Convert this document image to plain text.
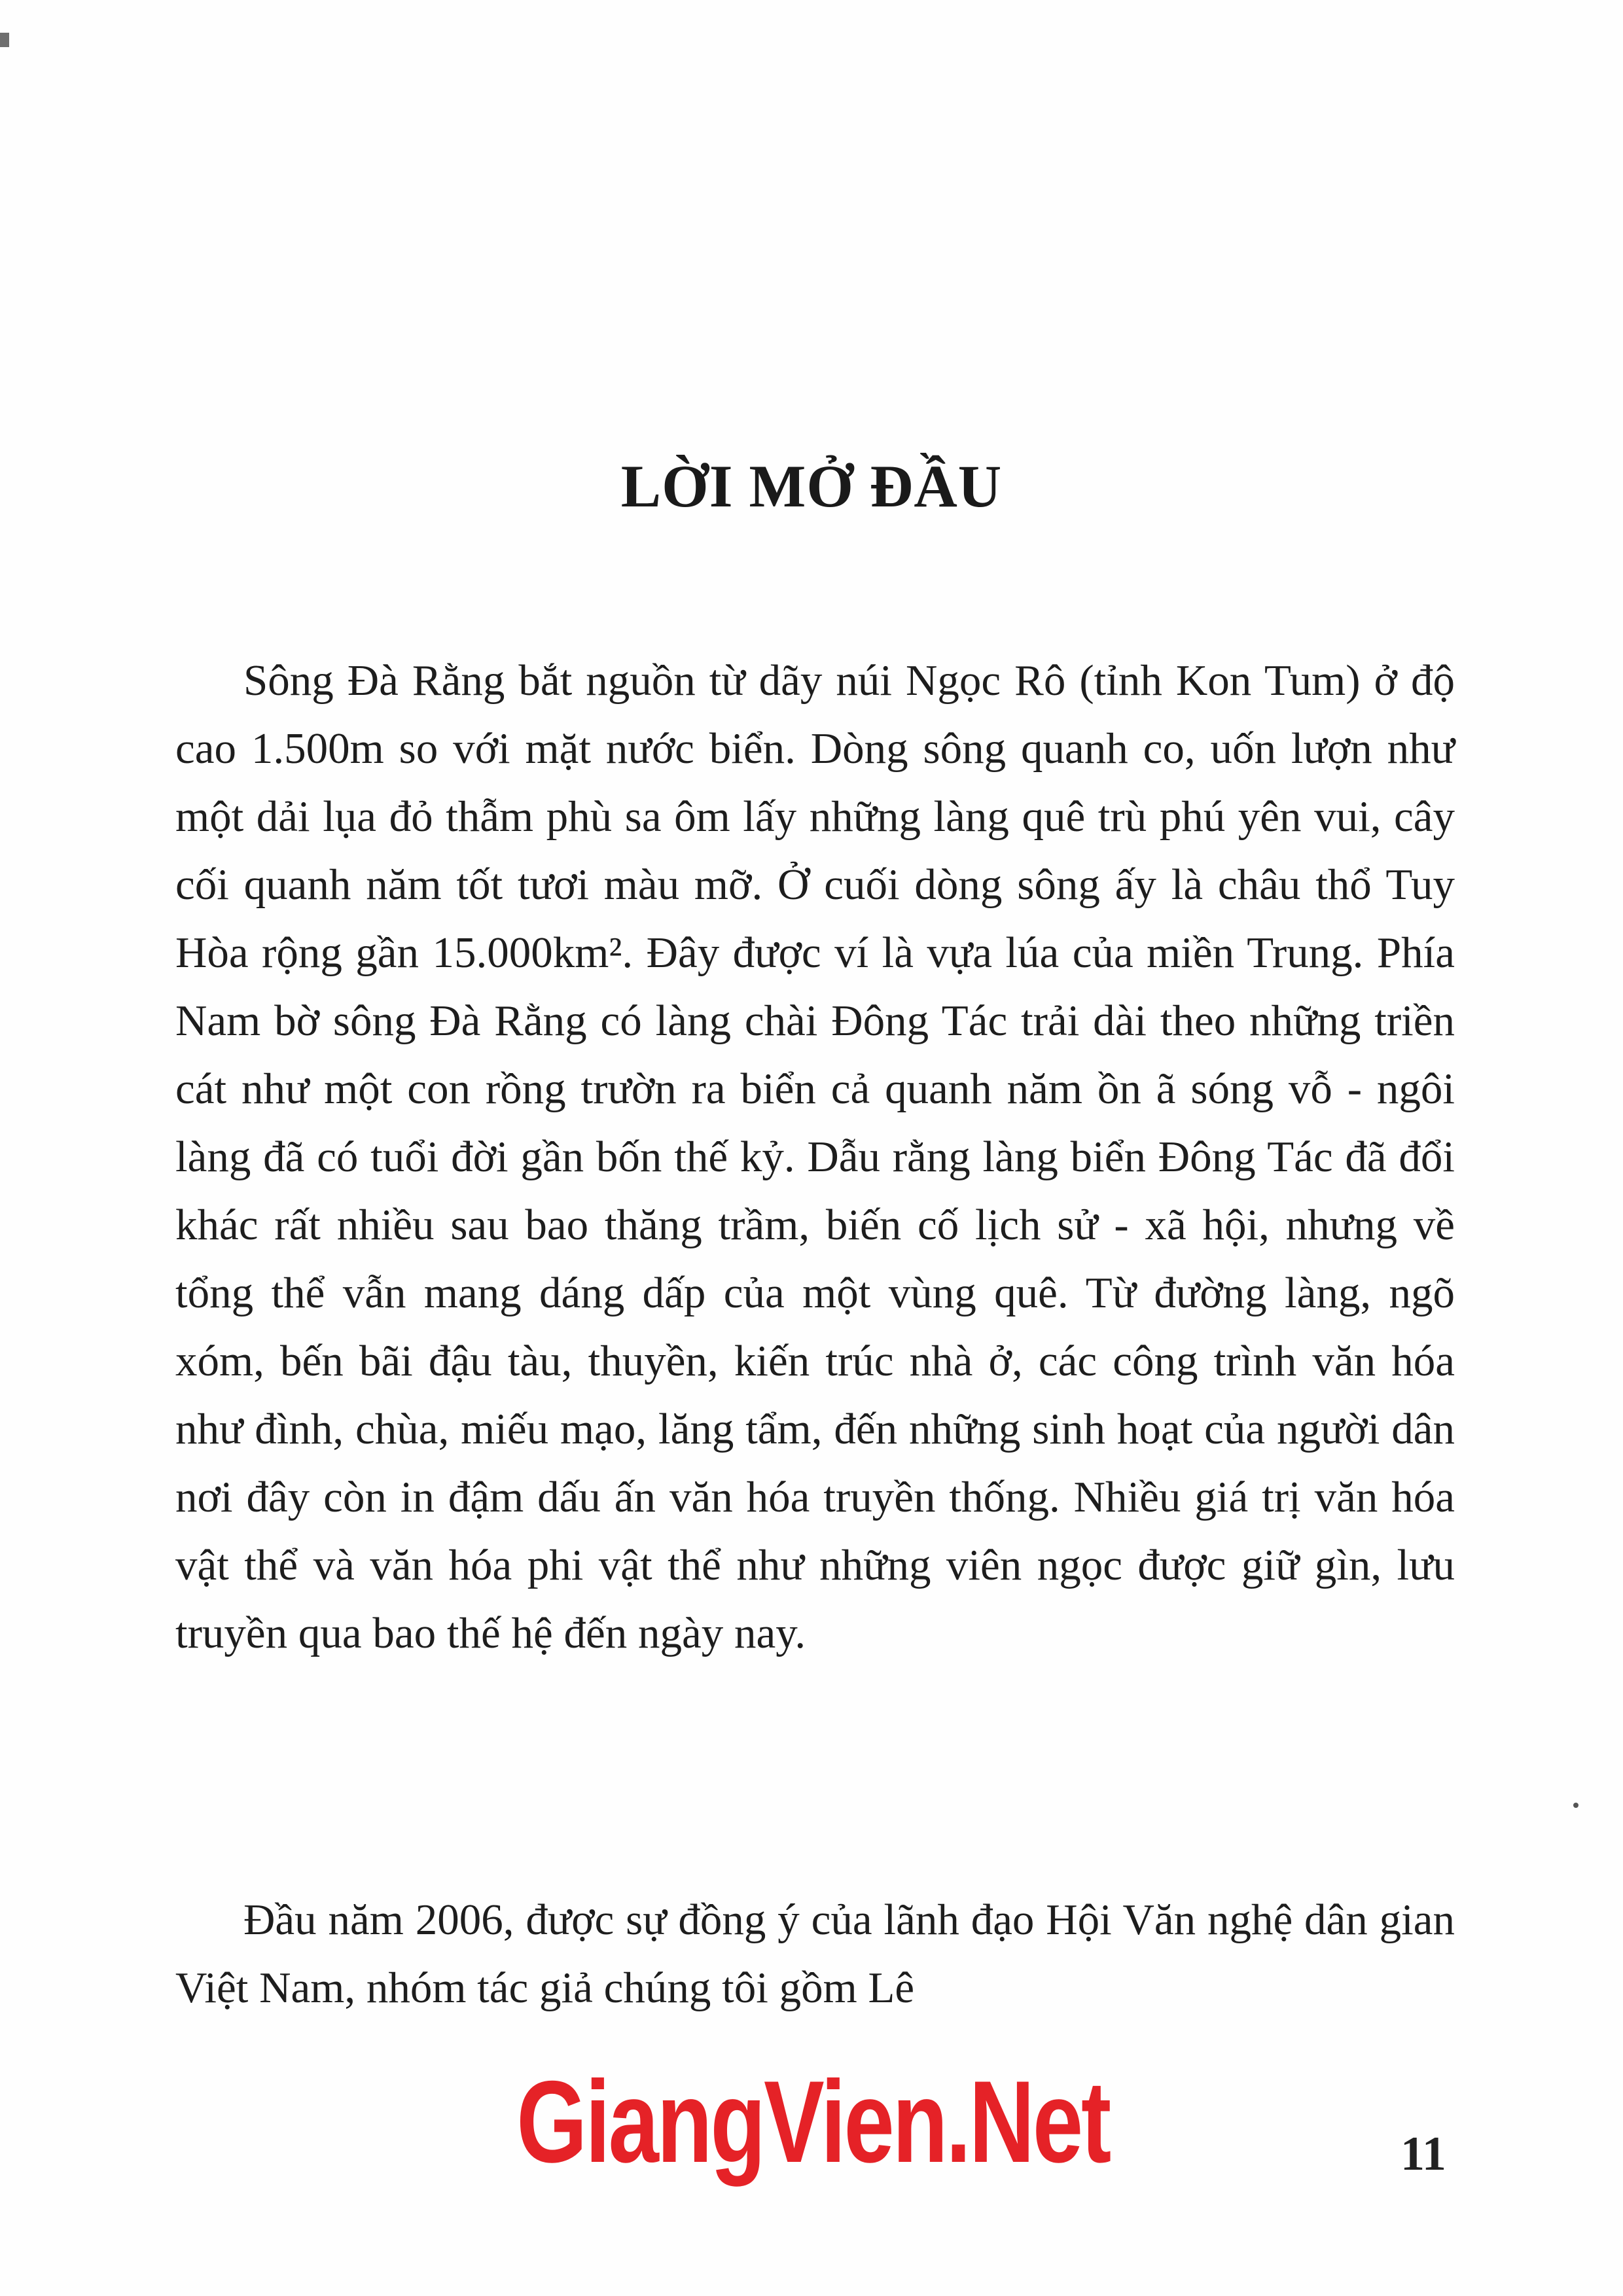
LỜI MỞ ĐẦU

Sông Đà Rằng bắt nguồn từ dãy núi Ngọc Rô (tỉnh Kon Tum) ở độ cao 1.500m so với mặt nước biển. Dòng sông quanh co, uốn lượn như một dải lụa đỏ thẫm phù sa ôm lấy những làng quê trù phú yên vui, cây cối quanh năm tốt tươi màu mỡ. Ở cuối dòng sông ấy là châu thổ Tuy Hòa rộng gần 15.000km². Đây được ví là vựa lúa của miền Trung. Phía Nam bờ sông Đà Rằng có làng chài Đông Tác trải dài theo những triền cát như một con rồng trườn ra biển cả quanh năm ồn ã sóng vỗ - ngôi làng đã có tuổi đời gần bốn thế kỷ. Dẫu rằng làng biển Đông Tác đã đổi khác rất nhiều sau bao thăng trầm, biến cố lịch sử - xã hội, nhưng về tổng thể vẫn mang dáng dấp của một vùng quê. Từ đường làng, ngõ xóm, bến bãi đậu tàu, thuyền, kiến trúc nhà ở, các công trình văn hóa như đình, chùa, miếu mạo, lăng tẩm, đến những sinh hoạt của người dân nơi đây còn in đậm dấu ấn văn hóa truyền thống. Nhiều giá trị văn hóa vật thể và văn hóa phi vật thể như những viên ngọc được giữ gìn, lưu truyền qua bao thế hệ đến ngày nay.

Đầu năm 2006, được sự đồng ý của lãnh đạo Hội Văn nghệ dân gian Việt Nam, nhóm tác giả chúng tôi gồm Lê

GiangVien.Net	11
